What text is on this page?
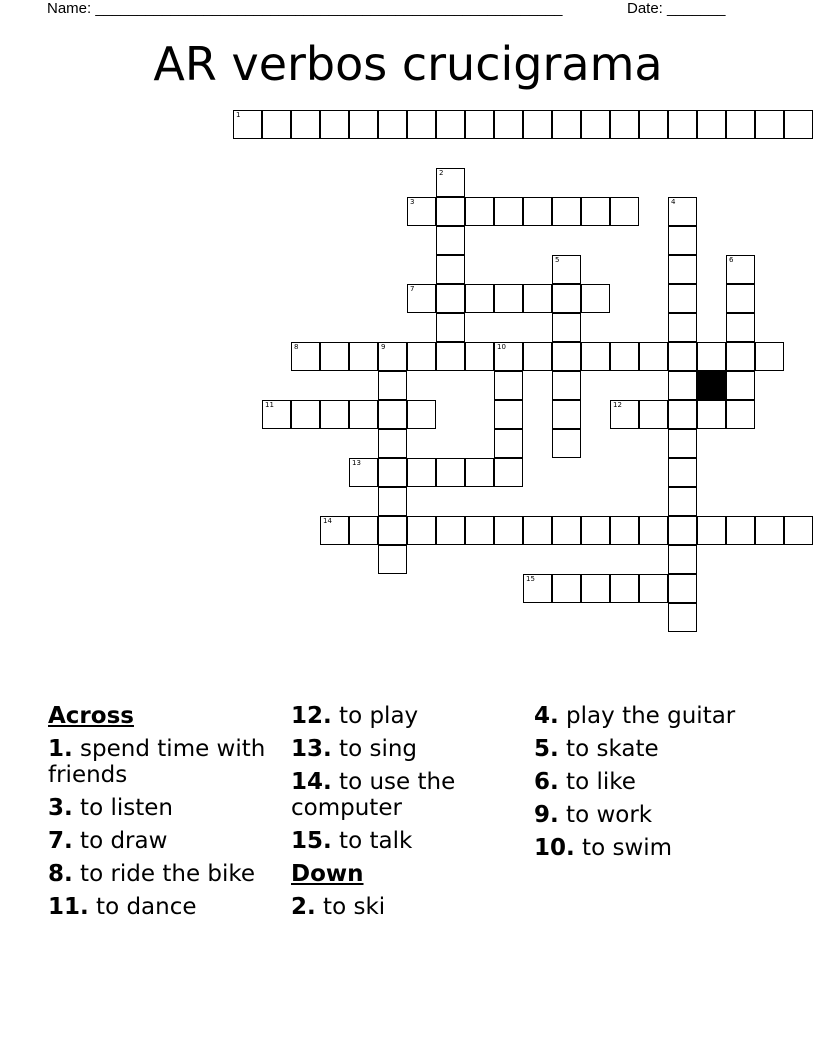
Name: ________________________________________________________	Date: _______
AR verbos crucigrama
1
2
3	4
5	6
7
8	9	10
11	12
13
14
15
Across
1. spend time with friends
3. to listen
7. to draw
8. to ride the bike
11. to dance
12. to play
13. to sing
14. to use the computer
15. to talk
Down
2. to ski
4. play the guitar
5. to skate
6. to like
9. to work
10. to swim
